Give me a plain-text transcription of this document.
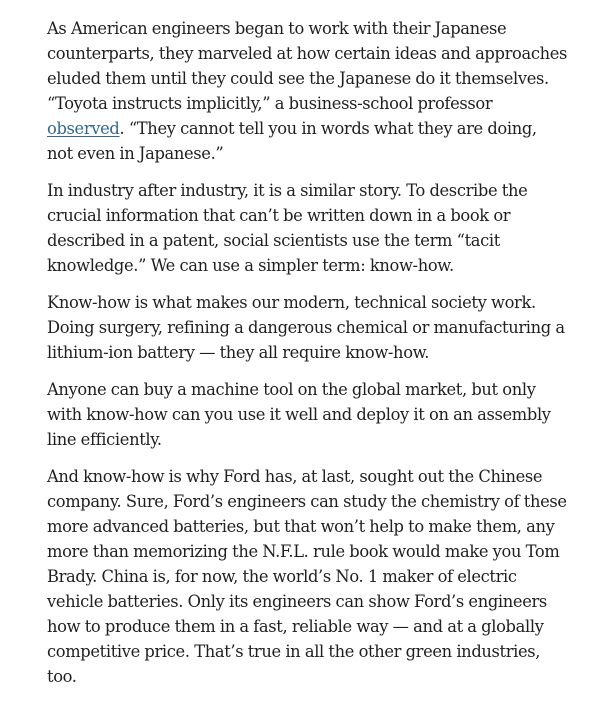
As American engineers began to work with their Japanese counterparts, they marveled at how certain ideas and approaches eluded them until they could see the Japanese do it themselves. “Toyota instructs implicitly,” a business-school professor observed. “They cannot tell you in words what they are doing, not even in Japanese.”

In industry after industry, it is a similar story. To describe the crucial information that can’t be written down in a book or described in a patent, social scientists use the term “tacit knowledge.” We can use a simpler term: know-how.

Know-how is what makes our modern, technical society work. Doing surgery, refining a dangerous chemical or manufacturing a lithium-ion battery — they all require know-how.

Anyone can buy a machine tool on the global market, but only with know-how can you use it well and deploy it on an assembly line efficiently.

And know-how is why Ford has, at last, sought out the Chinese company. Sure, Ford’s engineers can study the chemistry of these more advanced batteries, but that won’t help to make them, any more than memorizing the N.F.L. rule book would make you Tom Brady. China is, for now, the world’s No. 1 maker of electric vehicle batteries. Only its engineers can show Ford’s engineers how to produce them in a fast, reliable way — and at a globally competitive price. That’s true in all the other green industries, too.
